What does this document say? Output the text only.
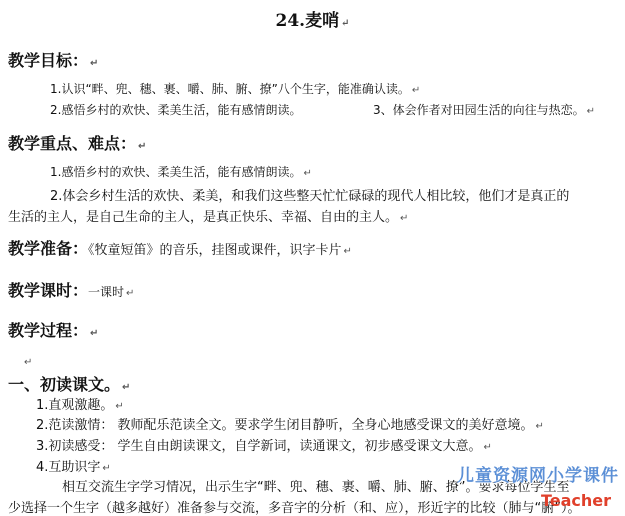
24.麦哨 ↵
教学目标： ↵
1.认识“畔、兜、穗、裹、嚼、肺、腑、撩”八个生字，能准确认读。 ↵
2.感悟乡村的欢快、柔美生活，能有感情朗读。	3、体会作者对田园生活的向往与热恋。 ↵
教学重点、难点： ↵
1.感悟乡村的欢快、柔美生活，能有感情朗读。 ↵
2.体会乡村生活的欢快、柔美，和我们这些整天忙忙碌碌的现代人相比较，他们才是真正的
生活的主人，是自己生命的主人，是真正快乐、幸福、自由的主人。 ↵
教学准备：《牧童短笛》的音乐，挂图或课件，识字卡片 ↵
教学课时：一课时 ↵
教学过程： ↵
↵
一、初读课文。 ↵
1.直观激趣。 ↵
2.范读激情： 教师配乐范读全文。要求学生闭目静听，全身心地感受课文的美好意境。 ↵
3.初读感受： 学生自由朗读课文，自学新词，读通课文，初步感受课文大意。 ↵
4.互助识字 ↵
相互交流生字学习情况，出示生字“畔、兜、穗、裹、嚼、肺、腑、撩”。要求每位学生至
少选择一个生字（越多越好）准备参与交流，多音字的分析（和、应），形近字的比较（肺与“腑”）。
儿童资源网小学课件
Teacher
